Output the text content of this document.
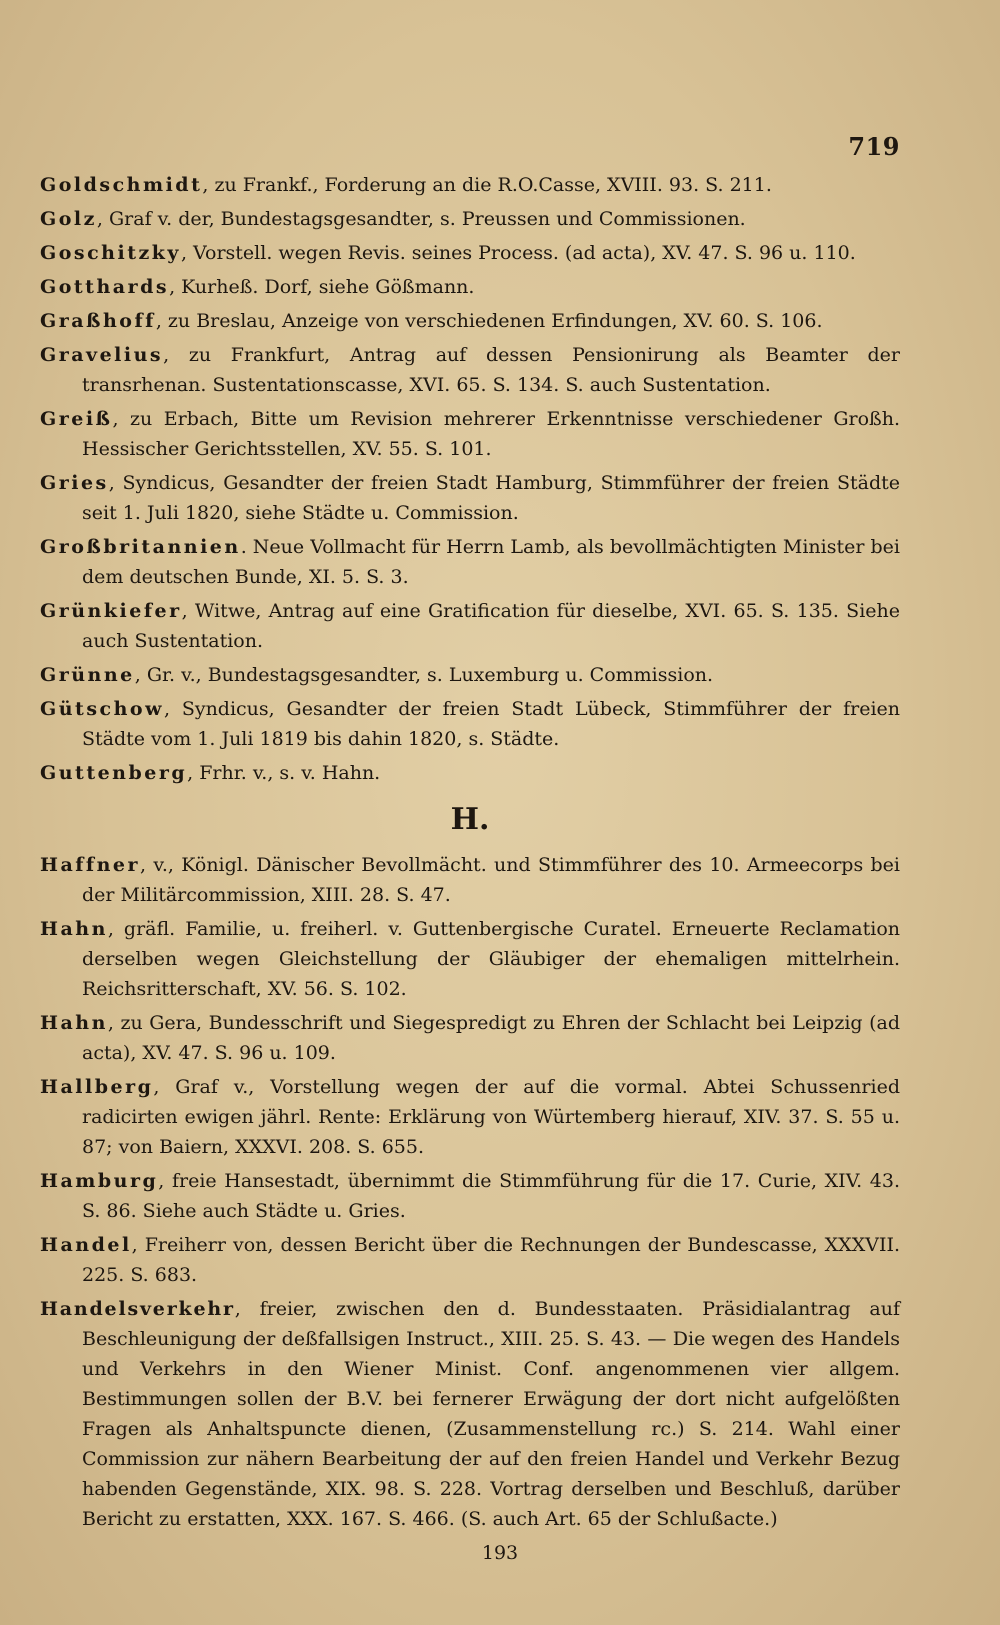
719

Goldschmidt, zu Frankf., Forderung an die R.O.Casse, XVIII. 93. S. 211.

Golz, Graf v. der, Bundestagsgesandter, s. Preussen und Commissionen.

Goschitzky, Vorstell. wegen Revis. seines Process. (ad acta), XV. 47. S. 96 u. 110.

Gotthards, Kurheß. Dorf, siehe Gößmann.

Graßhoff, zu Breslau, Anzeige von verschiedenen Erfindungen, XV. 60. S. 106.

Gravelius, zu Frankfurt, Antrag auf dessen Pensionirung als Beamter der transrhenan. Sustentationscasse, XVI. 65. S. 134. S. auch Sustentation.

Greiß, zu Erbach, Bitte um Revision mehrerer Erkenntnisse verschiedener Großh. Hessischer Gerichtsstellen, XV. 55. S. 101.

Gries, Syndicus, Gesandter der freien Stadt Hamburg, Stimmführer der freien Städte seit 1. Juli 1820, siehe Städte u. Commission.

Großbritannien. Neue Vollmacht für Herrn Lamb, als bevollmächtigten Minister bei dem deutschen Bunde, XI. 5. S. 3.

Grünkiefer, Witwe, Antrag auf eine Gratification für dieselbe, XVI. 65. S. 135. Siehe auch Sustentation.

Grünne, Gr. v., Bundestagsgesandter, s. Luxemburg u. Commission.

Gütschow, Syndicus, Gesandter der freien Stadt Lübeck, Stimmführer der freien Städte vom 1. Juli 1819 bis dahin 1820, s. Städte.

Guttenberg, Frhr. v., s. v. Hahn.

H.

Haffner, v., Königl. Dänischer Bevollmächt. und Stimmführer des 10. Armeecorps bei der Militärcommission, XIII. 28. S. 47.

Hahn, gräfl. Familie, u. freiherl. v. Guttenbergische Curatel. Erneuerte Reclamation derselben wegen Gleichstellung der Gläubiger der ehemaligen mittelrhein. Reichsritterschaft, XV. 56. S. 102.

Hahn, zu Gera, Bundesschrift und Siegespredigt zu Ehren der Schlacht bei Leipzig (ad acta), XV. 47. S. 96 u. 109.

Hallberg, Graf v., Vorstellung wegen der auf die vormal. Abtei Schussenried radicirten ewigen jährl. Rente: Erklärung von Würtemberg hierauf, XIV. 37. S. 55 u. 87; von Baiern, XXXVI. 208. S. 655.

Hamburg, freie Hansestadt, übernimmt die Stimmführung für die 17. Curie, XIV. 43. S. 86. Siehe auch Städte u. Gries.

Handel, Freiherr von, dessen Bericht über die Rechnungen der Bundescasse, XXXVII. 225. S. 683.

Handelsverkehr, freier, zwischen den d. Bundesstaaten. Präsidialantrag auf Beschleunigung der deßfallsigen Instruct., XIII. 25. S. 43. — Die wegen des Handels und Verkehrs in den Wiener Minist. Conf. angenommenen vier allgem. Bestimmungen sollen der B.V. bei fernerer Erwägung der dort nicht aufgelößten Fragen als Anhaltspuncte dienen, (Zusammenstellung rc.) S. 214. Wahl einer Commission zur nähern Bearbeitung der auf den freien Handel und Verkehr Bezug habenden Gegenstände, XIX. 98. S. 228. Vortrag derselben und Beschluß, darüber Bericht zu erstatten, XXX. 167. S. 466. (S. auch Art. 65 der Schlußacte.)

193
